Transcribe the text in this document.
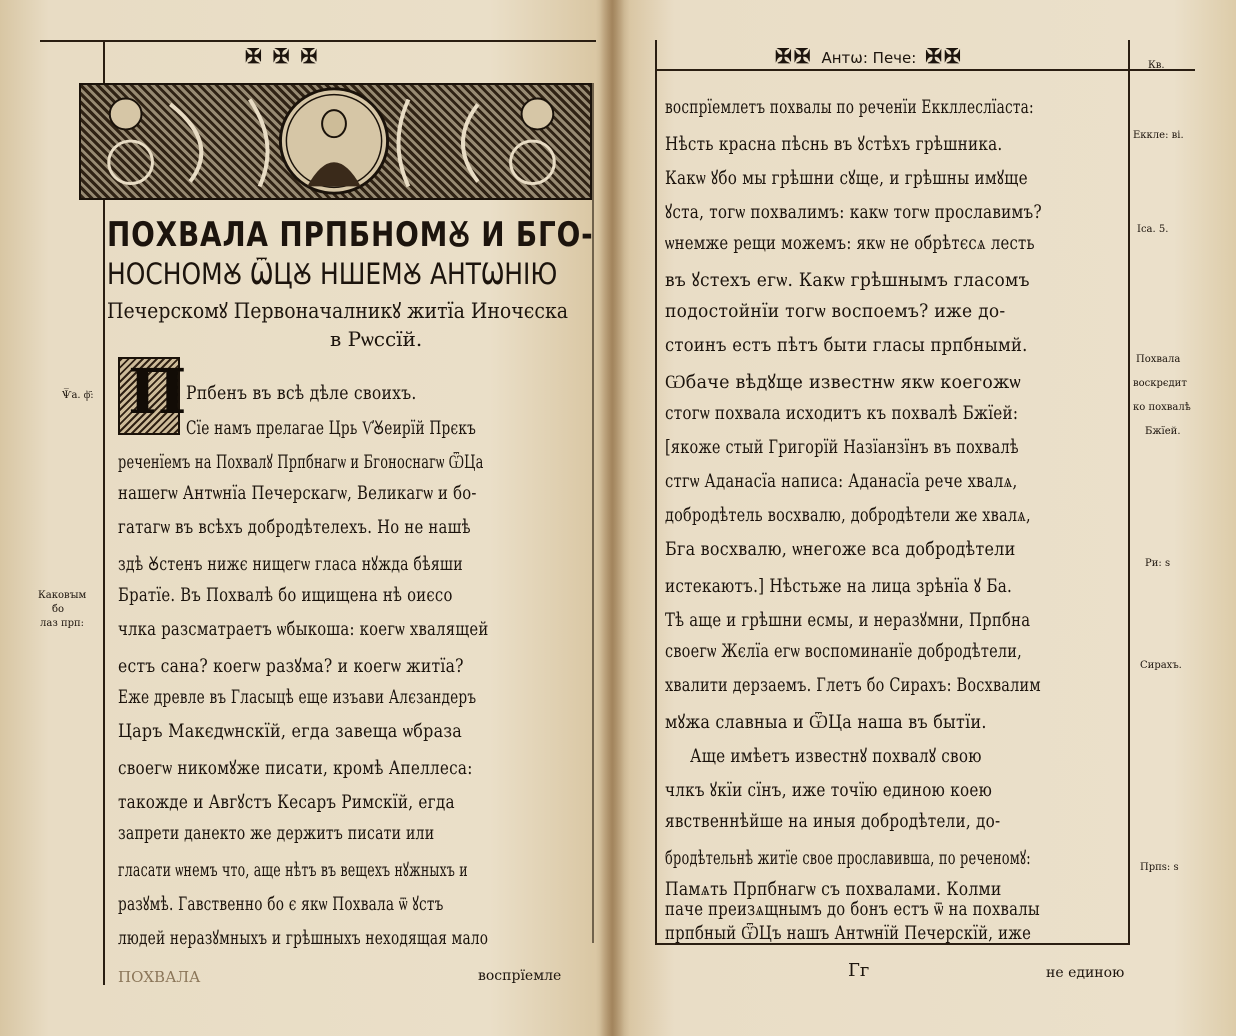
✠ ✠ ✠
ПОХВАЛА ПРПБНОМꙊ И БГО-
НОСНОМꙊ ѾЦꙊ НШЕМꙊ АНТѠНІЮ
Печерскомꙋ Первоначалникꙋ житїа Иночєска
в Рѡссїй.
П Рпбенъ въ всѣ дѣле своихъ.
Сїе намъ прелагае Црь Ѵ҆Ꙋеирїй Прєкъ
реченїемъ на Похвалꙋ Прпбнагѡ и Бгоноснагѡ ѾЦа
нашегѡ Антѡнїа Печерскагѡ, Великагѡ и бо-
гатагѡ въ всѣхъ добродѣтелехъ. Но не нашѣ
здѣ Ꙋстенъ нижє нищегѡ гласа нꙋжда бѣяши
Братїе. Въ Похвалѣ бо ищищена нѣ оиєсо
члка разсматраетъ ѡбыкоша: коегѡ хвалящей
естъ сана? коегѡ разꙋма? и коегѡ житїа?
Еже древле въ Гласыцѣ еще изъави Алєзандеръ
Царъ Макєдѡнскїй, егда завеща ѡбраза
своегѡ никомꙋже писати, кромѣ Апеллеса:
такожде и Авгꙋстъ Кесаръ Римскїй, егда
запрети данекто же держитъ писати или
гласати ѡнемъ что, аще нѣтъ въ вещехъ нꙋжныхъ и
разꙋмѣ. Гавственно бо є якѡ Похвала ѿ ꙋстъ
людей неразꙋмныхъ и грѣшныхъ неходящая мало
Ѱ̅а. ф҃:
Каковꙑм
бо
лаз прп:
ПОХВАЛА	воспрїемле
✠✠ Антѡ: Пече: ✠✠
воспрїемлетъ похвалы по реченїи Еккллеслїаста:
Нѣсть красна пѣснь въ ꙋстѣхъ грѣшника.
Какѡ ꙋбо мы грѣшни сꙋще, и грѣшны имꙋще
ꙋста, тогѡ похвалимъ: какѡ тогѡ прославимъ?
ѡнемже рещи можемъ: якѡ не обрѣтєсѧ лесть
въ ꙋстехъ егѡ. Какѡ грѣшнымъ гласомъ
подостойнїи тогѡ воспоемъ? иже до-
стоинъ естъ пѣтъ быти гласы прпбнымй.
Ѡбаче вѣдꙋще известнѡ якѡ коегожѡ
стогѡ похвала исходитъ къ похвалѣ Бжїей:
[якоже стый Григорїй Назїанзїнъ въ похвалѣ
стгѡ Аданасїа написа: Аданасїа рече хвалѧ,
добродѣтель восхвалю, добродѣтели же хвалѧ,
Бга восхвалю, ѡнегоже вса добродѣтели
истекаютъ.] Нѣстьже на лица зрѣнїа ꙋ Ба.
Тѣ аще и грѣшни есмы, и неразꙋмни, Прпбна
своегѡ Жєлїа егѡ воспоминанїе добродѣтели,
хвалити дерзаемъ. Глетъ бо Сирахъ: Восхвалим
мꙋжа славныа и ѾЦа наша въ бытїи.
Аще имѣетъ известнꙋ похвалꙋ свою
члкъ ꙋкїи сїнъ, иже точїю единою коею
явственнѣйше на иныя добродѣтели, до-
бродѣтельнѣ житїе свое прославивша, по реченомꙋ:
Памѧть Прпбнагѡ съ похвалами. Колми
паче преизѧщнымъ до бонъ естъ ѿ на похвалы
Кв.
Еккле: ві.
Іса. 5.
Похвала
воскрєдит
ко похвалѣ
Бжїей.
Ри: ѕ
Сирахъ.
Прпѕ: ѕ
Гг	не единою
прпбный ѾЦъ нашъ Антѡнїй Печерскїй, иже
